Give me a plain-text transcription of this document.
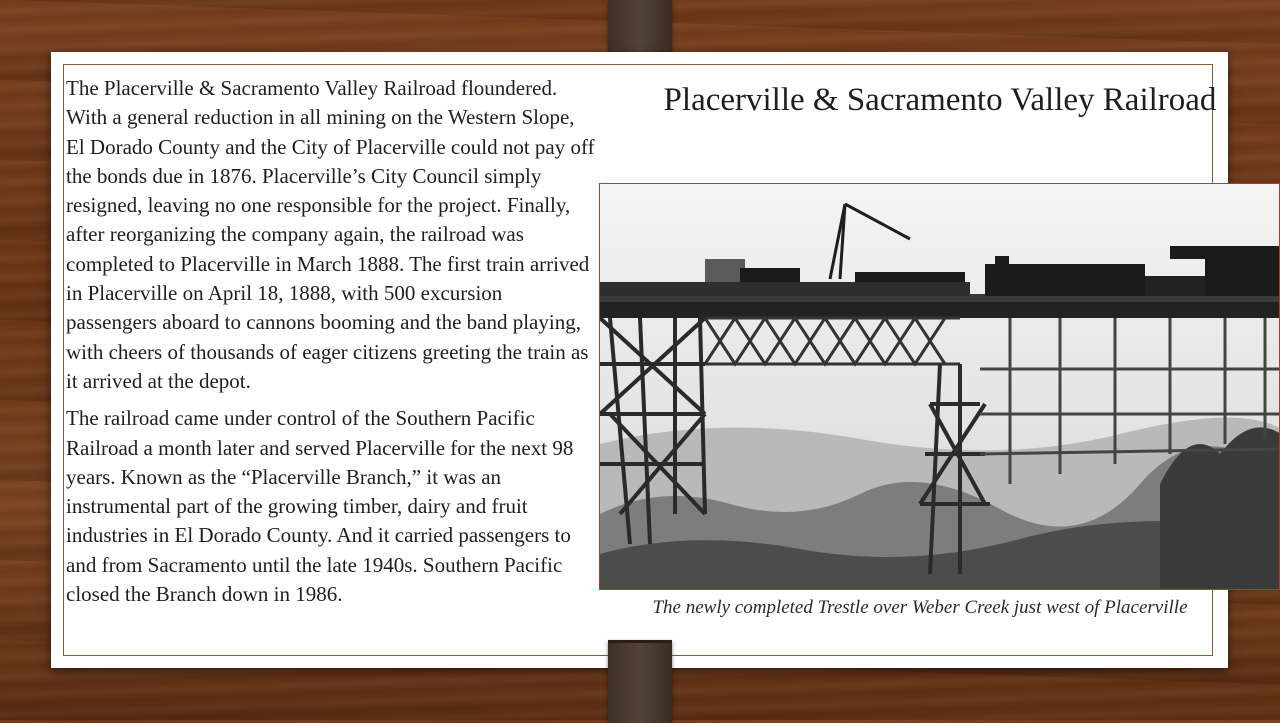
The Placerville & Sacramento Valley Railroad floundered. With a general reduction in all mining on the Western Slope, El Dorado County and the City of Placerville could not pay off the bonds due in 1876. Placerville’s City Council simply resigned, leaving no one responsible for the project. Finally, after reorganizing the company again, the railroad was completed to Placerville in March 1888. The first train arrived in Placerville on April 18, 1888, with 500 excursion passengers aboard to cannons booming and the band playing, with cheers of thousands of eager citizens greeting the train as it arrived at the depot.

The railroad came under control of the Southern Pacific Railroad a month later and served Placerville for the next 98 years. Known as the “Placerville Branch,” it was an instrumental part of the growing timber, dairy and fruit industries in El Dorado County. And it carried passengers to and from Sacramento until the late 1940s. Southern Pacific closed the Branch down in 1986.

Placerville & Sacramento Valley Railroad
The newly completed Trestle over Weber Creek just west of Placerville
